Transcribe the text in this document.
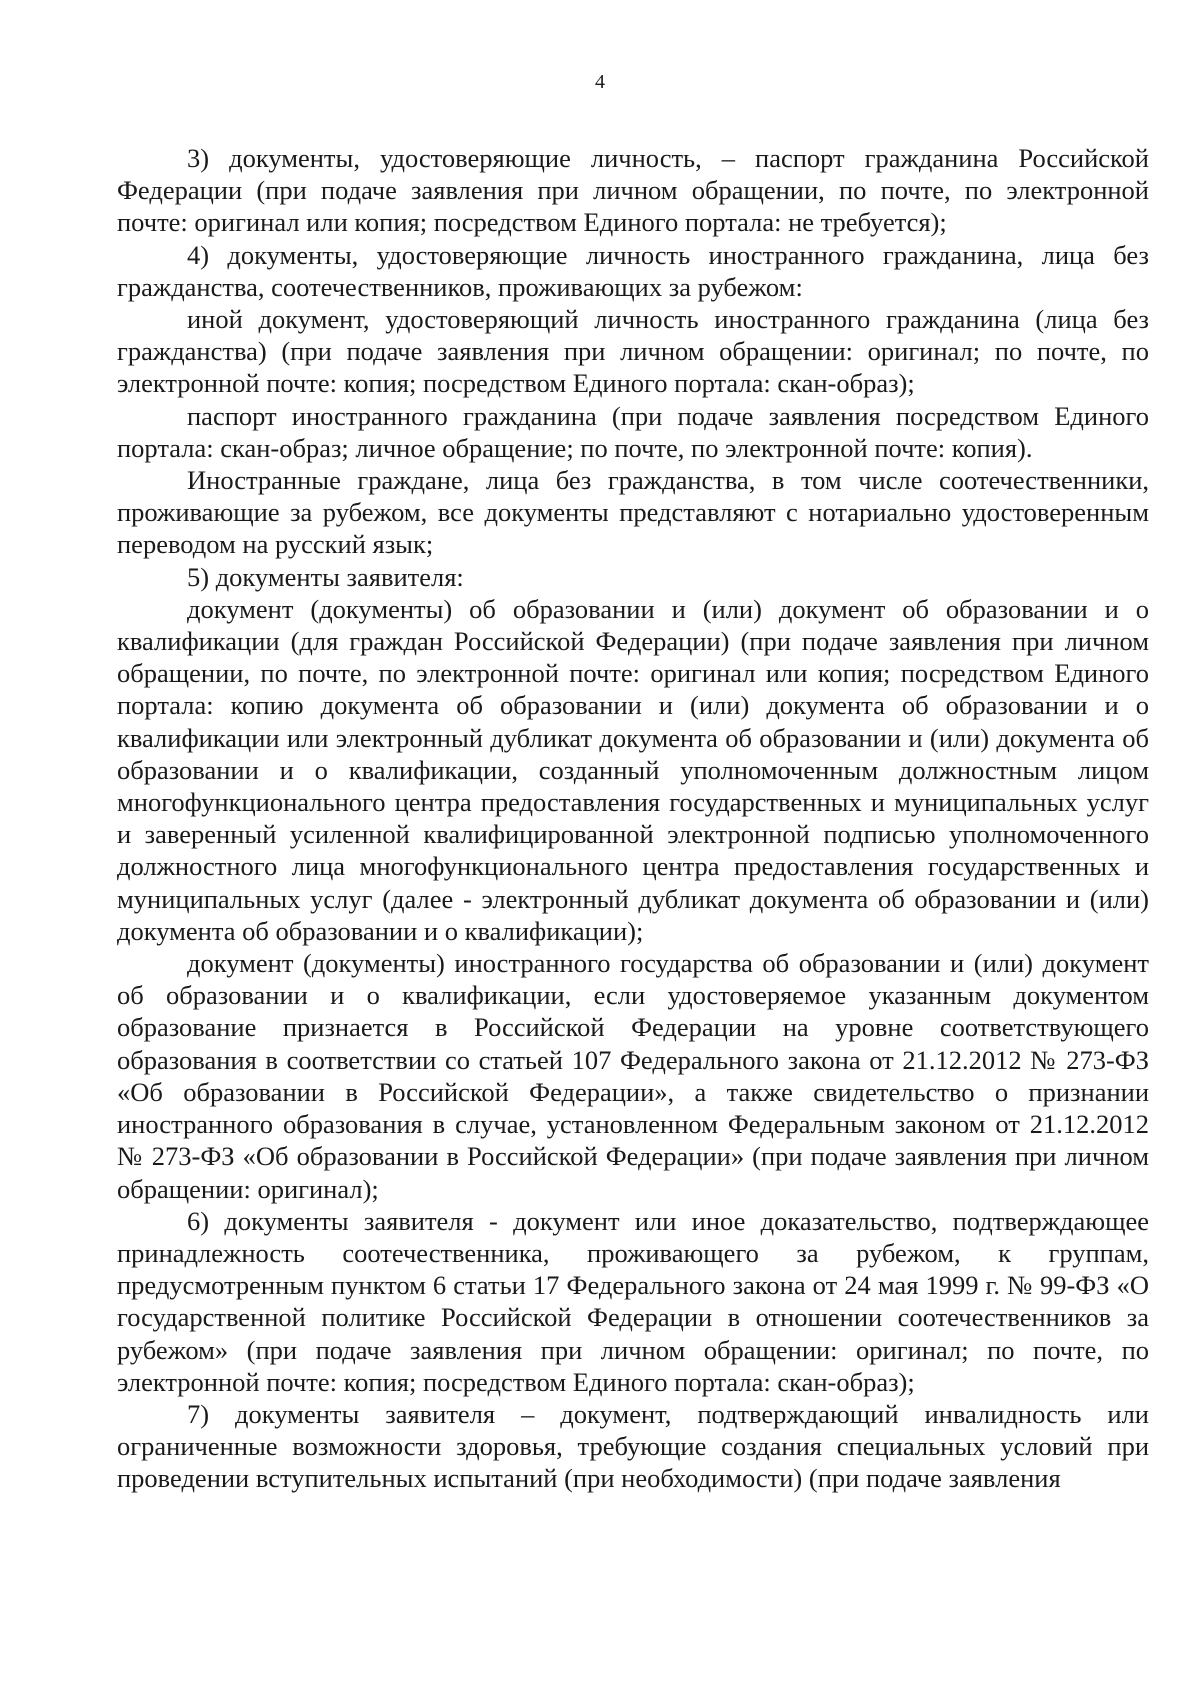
4

3) документы, удостоверяющие личность, – паспорт гражданина Российской Федерации (при подаче заявления при личном обращении, по почте, по электронной почте: оригинал или копия; посредством Единого портала: не требуется);

4) документы, удостоверяющие личность иностранного гражданина, лица без гражданства, соотечественников, проживающих за рубежом:

иной документ, удостоверяющий личность иностранного гражданина (лица без гражданства) (при подаче заявления при личном обращении: оригинал; по почте, по электронной почте: копия; посредством Единого портала: скан-образ);

паспорт иностранного гражданина (при подаче заявления посредством Единого портала: скан-образ; личное обращение; по почте, по электронной почте: копия).

Иностранные граждане, лица без гражданства, в том числе соотечественники, проживающие за рубежом, все документы представляют с нотариально удостоверенным переводом на русский язык;

5) документы заявителя:

документ (документы) об образовании и (или) документ об образовании и о квалификации (для граждан Российской Федерации) (при подаче заявления при личном обращении, по почте, по электронной почте: оригинал или копия; посредством Единого портала: копию документа об образовании и (или) документа об образовании и о квалификации или электронный дубликат документа об образовании и (или) документа об образовании и о квалификации, созданный уполномоченным должностным лицом многофункционального центра предоставления государственных и муниципальных услуг и заверенный усиленной квалифицированной электронной подписью уполномоченного должностного лица многофункционального центра предоставления государственных и муниципальных услуг (далее - электронный дубликат документа об образовании и (или) документа об образовании и о квалификации);

документ (документы) иностранного государства об образовании и (или) документ об образовании и о квалификации, если удостоверяемое указанным документом образование признается в Российской Федерации на уровне соответствующего образования в соответствии со статьей 107 Федерального закона от 21.12.2012 № 273-ФЗ «Об образовании в Российской Федерации», а также свидетельство о признании иностранного образования в случае, установленном Федеральным законом от 21.12.2012 № 273-ФЗ «Об образовании в Российской Федерации» (при подаче заявления при личном обращении: оригинал);

6) документы заявителя - документ или иное доказательство, подтверждающее принадлежность соотечественника, проживающего за рубежом, к группам, предусмотренным пунктом 6 статьи 17 Федерального закона от 24 мая 1999 г. № 99-ФЗ «О государственной политике Российской Федерации в отношении соотечественников за рубежом» (при подаче заявления при личном обращении: оригинал; по почте, по электронной почте: копия; посредством Единого портала: скан-образ);

7) документы заявителя – документ, подтверждающий инвалидность или ограниченные возможности здоровья, требующие создания специальных условий при проведении вступительных испытаний (при необходимости) (при подаче заявления
